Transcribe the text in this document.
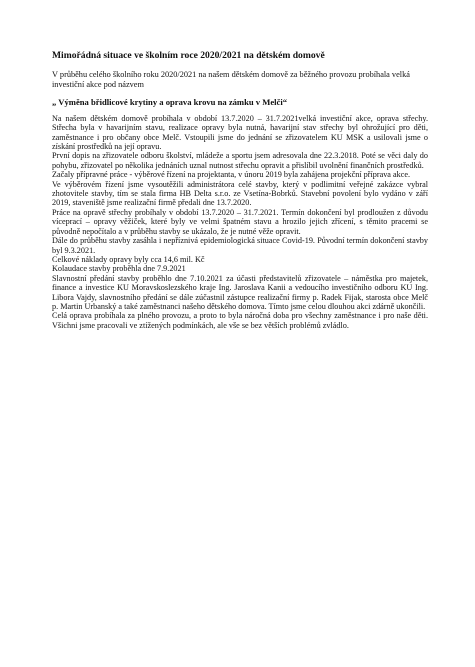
Mimořádná situace ve školním roce 2020/2021 na dětském domově
V průběhu celého školního roku 2020/2021 na našem dětském domově za běžného provozu probíhala velká investiční akce pod názvem
„ Výměna břidlicové krytiny a oprava krovu na zámku v Melči“

Na našem dětském domově probíhala v období 13.7.2020 – 31.7.2021velká investiční akce, oprava střechy. Střecha byla v havarijním stavu, realizace opravy byla nutná, havarijní stav střechy byl ohrožující pro děti, zaměstnance i pro občany obce Melč. Vstoupili jsme do jednání se zřizovatelem KU MSK a usilovali jsme o získání prostředků na její opravu.

První dopis na zřizovatele odboru školství, mládeže a sportu jsem adresovala dne 22.3.2018. Poté se věci daly do pohybu, zřizovatel po několika jednáních uznal nutnost střechu opravit a přislíbil uvolnění finančních prostředků.

Začaly přípravné práce - výběrové řízení na projektanta, v únoru 2019 byla zahájena projekční příprava akce.

Ve výběrovém řízení jsme vysoutěžili administrátora celé stavby, který v podlimitní veřejné zakázce vybral zhotovitele stavby, tím se stala firma HB Delta s.r.o. ze Vsetína-Bobrků. Stavební povolení bylo vydáno v září 2019, staveniště jsme realizační firmě předali dne 13.7.2020.

Práce na opravě střechy probíhaly v období 13.7.2020 – 31.7.2021. Termín dokončení byl prodloužen z důvodu víceprací – opravy věžiček, které byly ve velmi špatném stavu a hrozilo jejich zřícení, s těmito pracemi se původně nepočítalo a v průběhu stavby se ukázalo, že je nutné věže opravit.

Dále do průběhu stavby zasáhla i nepříznivá epidemiologická situace Covid-19. Původní termín dokončení stavby byl 9.3.2021.

Celkové náklady opravy byly cca 14,6 mil. Kč

Kolaudace stavby proběhla dne 7.9.2021

Slavnostní předání stavby proběhlo dne 7.10.2021 za účasti představitelů zřizovatele – náměstka pro majetek, finance a investice KU Moravskoslezského kraje Ing. Jaroslava Kanii a vedoucího investičního odboru KU Ing. Libora Vajdy, slavnostního předání se dále zúčastnil zástupce realizační firmy p. Radek Fijak, starosta obce Melč p. Martin Urbanský a také zaměstnanci našeho dětského domova. Tímto jsme celou dlouhou akci zdárně ukončili.

Celá oprava probíhala za plného provozu, a proto to byla náročná doba pro všechny zaměstnance i pro naše děti. Všichni jsme pracovali ve ztížených podmínkách, ale vše se bez větších problémů zvládlo.
